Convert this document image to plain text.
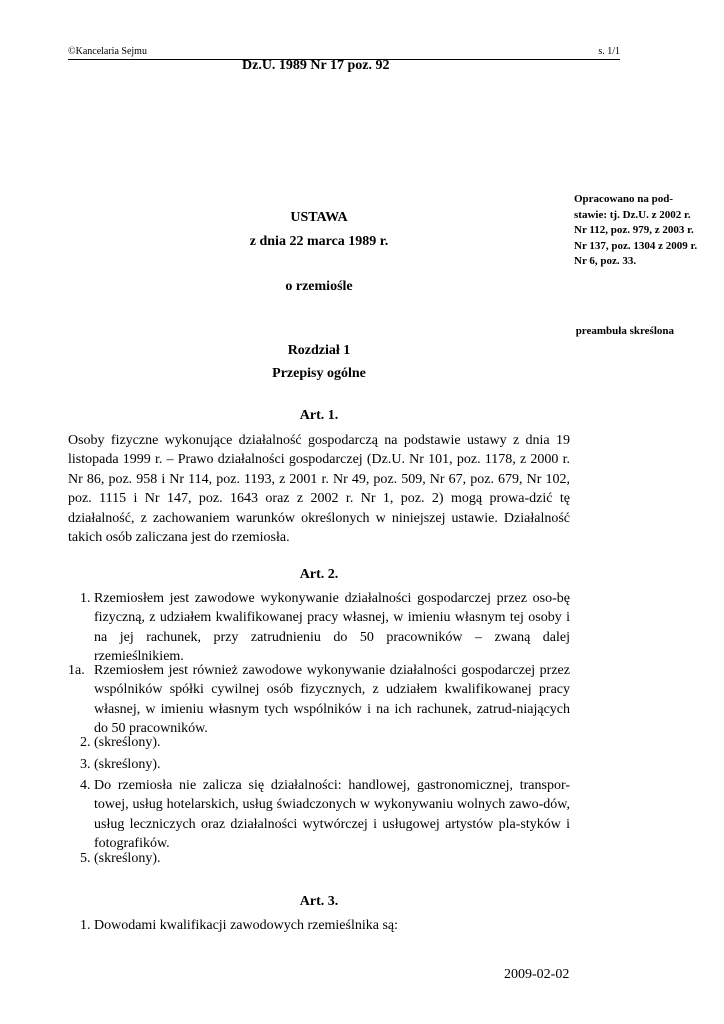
©Kancelaria Sejmu	s. 1/1
Dz.U. 1989 Nr 17 poz. 92
Opracowano na pod-stawie: tj. Dz.U. z 2002 r. Nr 112, poz. 979, z 2003 r. Nr 137, poz. 1304 z 2009 r. Nr 6, poz. 33.
USTAWA
z dnia 22 marca 1989 r.
o rzemiośle
preambuła skreślona
Rozdział 1
Przepisy ogólne
Art. 1.
Osoby fizyczne wykonujące działalność gospodarczą na podstawie ustawy z dnia 19 listopada 1999 r. – Prawo działalności gospodarczej (Dz.U. Nr 101, poz. 1178, z 2000 r. Nr 86, poz. 958 i Nr 114, poz. 1193, z 2001 r. Nr 49, poz. 509, Nr 67, poz. 679, Nr 102, poz. 1115 i Nr 147, poz. 1643 oraz z 2002 r. Nr 1, poz. 2) mogą prowa-dzić tę działalność, z zachowaniem warunków określonych w niniejszej ustawie. Działalność takich osób zaliczana jest do rzemiosła.
Art. 2.
1. Rzemiosłem jest zawodowe wykonywanie działalności gospodarczej przez oso-bę fizyczną, z udziałem kwalifikowanej pracy własnej, w imieniu własnym tej osoby i na jej rachunek, przy zatrudnieniu do 50 pracowników – zwaną dalej rzemieślnikiem.
1a. Rzemiosłem jest również zawodowe wykonywanie działalności gospodarczej przez wspólników spółki cywilnej osób fizycznych, z udziałem kwalifikowanej pracy własnej, w imieniu własnym tych wspólników i na ich rachunek, zatrud-niających do 50 pracowników.
2. (skreślony).
3. (skreślony).
4. Do rzemiosła nie zalicza się działalności: handlowej, gastronomicznej, transpor-towej, usług hotelarskich, usług świadczonych w wykonywaniu wolnych zawo-dów, usług leczniczych oraz działalności wytwórczej i usługowej artystów pla-styków i fotografików.
5. (skreślony).
Art. 3.
1. Dowodami kwalifikacji zawodowych rzemieślnika są:
2009-02-02
